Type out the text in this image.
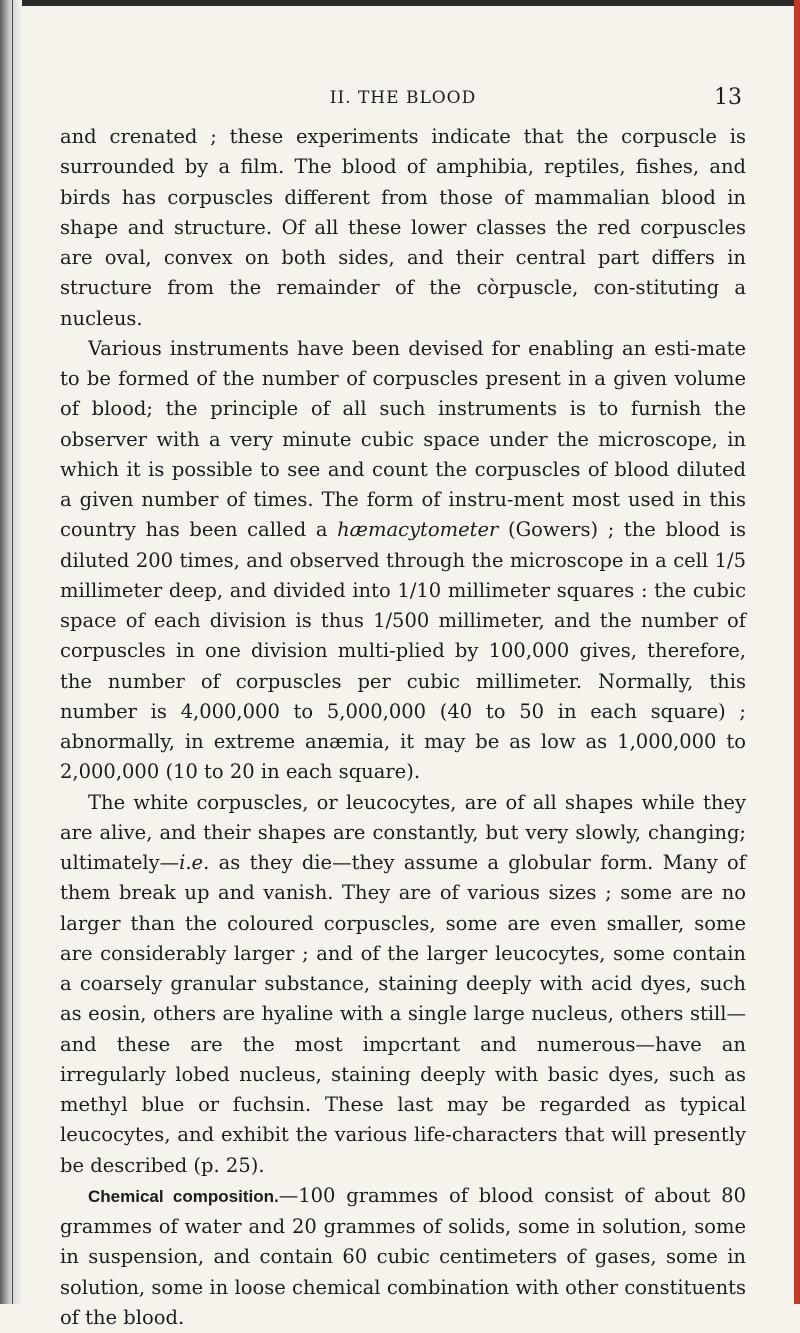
II. THE BLOOD	13

and crenated ; these experiments indicate that the corpuscle is surrounded by a film. The blood of amphibia, reptiles, fishes, and birds has corpuscles different from those of mammalian blood in shape and structure. Of all these lower classes the red corpuscles are oval, convex on both sides, and their central part differs in structure from the remainder of the còrpuscle, con-stituting a nucleus.

Various instruments have been devised for enabling an esti-mate to be formed of the number of corpuscles present in a given volume of blood; the principle of all such instruments is to furnish the observer with a very minute cubic space under the microscope, in which it is possible to see and count the corpuscles of blood diluted a given number of times. The form of instru-ment most used in this country has been called a hæmacytometer (Gowers) ; the blood is diluted 200 times, and observed through the microscope in a cell 1/5 millimeter deep, and divided into 1/10 millimeter squares : the cubic space of each division is thus 1/500 millimeter, and the number of corpuscles in one division multi-plied by 100,000 gives, therefore, the number of corpuscles per cubic millimeter. Normally, this number is 4,000,000 to 5,000,000 (40 to 50 in each square) ; abnormally, in extreme anæmia, it may be as low as 1,000,000 to 2,000,000 (10 to 20 in each square).

The white corpuscles, or leucocytes, are of all shapes while they are alive, and their shapes are constantly, but very slowly, changing; ultimately—i.e. as they die—they assume a globular form. Many of them break up and vanish. They are of various sizes ; some are no larger than the coloured corpuscles, some are even smaller, some are considerably larger ; and of the larger leucocytes, some contain a coarsely granular substance, staining deeply with acid dyes, such as eosin, others are hyaline with a single large nucleus, others still—and these are the most impcrtant and numerous—have an irregularly lobed nucleus, staining deeply with basic dyes, such as methyl blue or fuchsin. These last may be regarded as typical leucocytes, and exhibit the various life-characters that will presently be described (p. 25).

Chemical composition.—100 grammes of blood consist of about 80 grammes of water and 20 grammes of solids, some in solution, some in suspension, and contain 60 cubic centimeters of gases, some in solution, some in loose chemical combination with other constituents of the blood.
